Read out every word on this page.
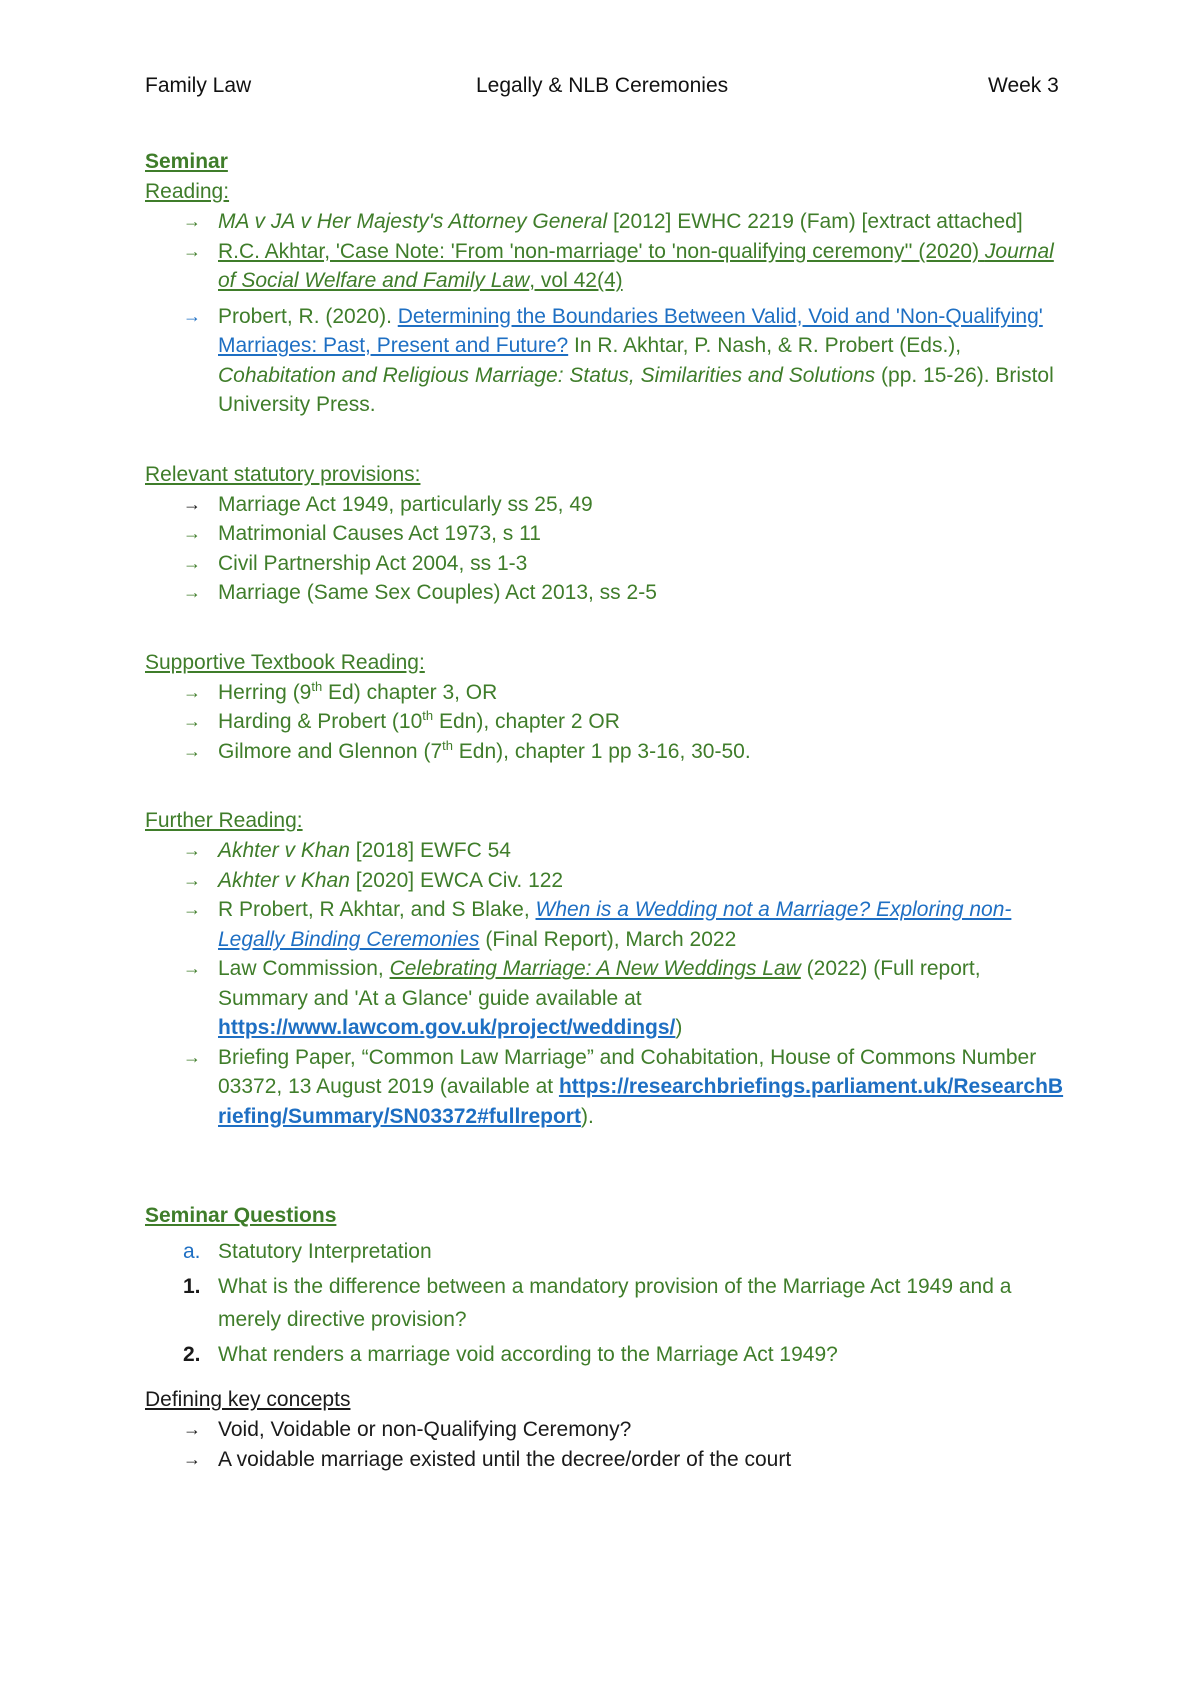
Family Law	Legally & NLB Ceremonies	Week 3
Seminar
Reading:
→ MA v JA v Her Majesty's Attorney General [2012] EWHC 2219 (Fam) [extract attached]
→ R.C. Akhtar, 'Case Note: 'From 'non-marriage' to 'non-qualifying ceremony'' (2020) Journal of Social Welfare and Family Law, vol 42(4)
→ Probert, R. (2020). Determining the Boundaries Between Valid, Void and 'Non-Qualifying' Marriages: Past, Present and Future? In R. Akhtar, P. Nash, & R. Probert (Eds.), Cohabitation and Religious Marriage: Status, Similarities and Solutions (pp. 15-26). Bristol University Press.
Relevant statutory provisions:
→ Marriage Act 1949, particularly ss 25, 49
→ Matrimonial Causes Act 1973, s 11
→ Civil Partnership Act 2004, ss 1-3
→ Marriage (Same Sex Couples) Act 2013, ss 2-5
Supportive Textbook Reading:
→ Herring (9th Ed) chapter 3, OR
→ Harding & Probert (10th Edn), chapter 2 OR
→ Gilmore and Glennon (7th Edn), chapter 1 pp 3-16, 30-50.
Further Reading:
→ Akhter v Khan [2018] EWFC 54
→ Akhter v Khan [2020] EWCA Civ. 122
→ R Probert, R Akhtar, and S Blake, When is a Wedding not a Marriage? Exploring non-Legally Binding Ceremonies (Final Report), March 2022
→ Law Commission, Celebrating Marriage: A New Weddings Law (2022) (Full report, Summary and 'At a Glance' guide available at https://www.lawcom.gov.uk/project/weddings/)
→ Briefing Paper, “Common Law Marriage” and Cohabitation, House of Commons Number 03372, 13 August 2019 (available at https://researchbriefings.parliament.uk/ResearchBriefing/Summary/SN03372#fullreport).
Seminar Questions
a. Statutory Interpretation
1. What is the difference between a mandatory provision of the Marriage Act 1949 and a merely directive provision?
2. What renders a marriage void according to the Marriage Act 1949?
Defining key concepts
→ Void, Voidable or non-Qualifying Ceremony?
→ A voidable marriage existed until the decree/order of the court
